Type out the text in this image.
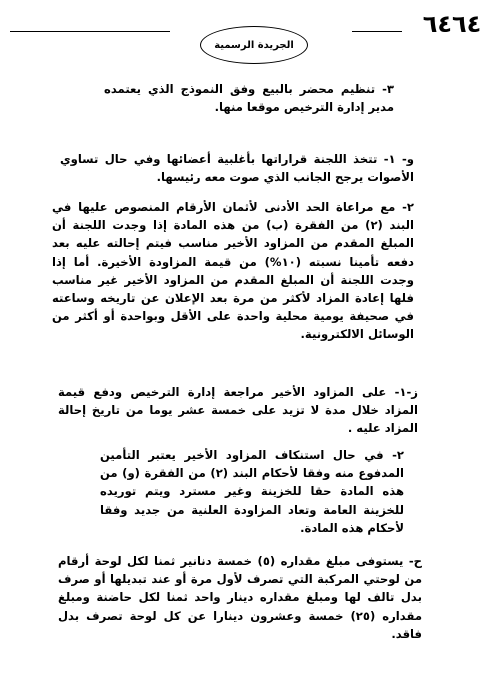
٦٤٦٤
الجريدة الرسمية
٣- تنظيم محضر بالبيع وفق النموذج الذي يعتمده مدير إدارة الترخيص موقعا منها.
و- ١- تتخذ اللجنة قراراتها بأغلبية أعضائها وفي حال تساوي الأصوات يرجح الجانب الذي صوت معه رئيسها.
٢- مع مراعاة الحد الأدنى لأثمان الأرقام المنصوص عليها في البند (٢) من الفقرة (ب) من هذه المادة إذا وجدت اللجنة أن المبلغ المقدم من المزاود الأخير مناسب فيتم إحالته عليه بعد دفعه تأمينا نسبته (١٠%) من قيمة المزاودة الأخيرة. أما إذا وجدت اللجنة أن المبلغ المقدم من المزاود الأخير غير مناسب فلها إعادة المزاد لأكثر من مرة بعد الإعلان عن تاريخه وساعته في صحيفة يومية محلية واحدة على الأقل وبواحدة أو أكثر من الوسائل الالكترونية.
ز-١- على المزاود الأخير مراجعة إدارة الترخيص ودفع قيمة المزاد خلال مدة لا تزيد على خمسة عشر يوما من تاريخ إحالة المزاد عليه .
٢- في حال استنكاف المزاود الأخير يعتبر التأمين المدفوع منه وفقا لأحكام البند (٢) من الفقرة (و) من هذه المادة حقا للخزينة وغير مسترد ويتم توريده للخزينة العامة وتعاد المزاودة العلنية من جديد وفقا لأحكام هذه المادة.
ح- يستوفى مبلغ مقداره (٥) خمسة دنانير ثمنا لكل لوحة أرقام من لوحتي المركبة التي تصرف لأول مرة أو عند تبديلها أو صرف بدل تالف لها ومبلغ مقداره دينار واحد ثمنا لكل حاضنة ومبلغ مقداره (٢٥) خمسة وعشرون دينارا عن كل لوحة تصرف بدل فاقد.
